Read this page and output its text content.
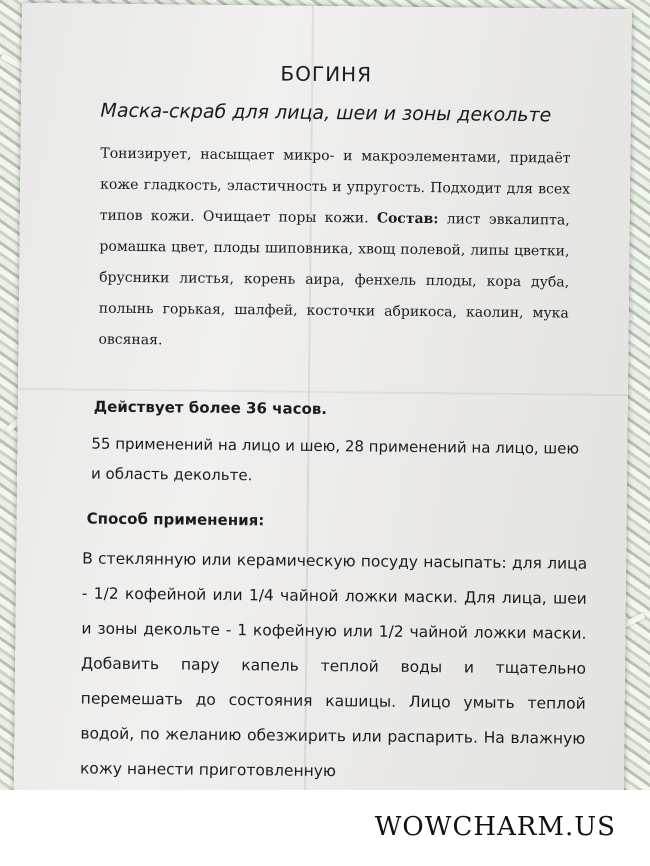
БОГИНЯ
Маска-скраб для лица, шеи и зоны декольте
Тонизирует, насыщает микро- и макроэлементами, придаёт коже гладкость, эластичность и упругость. Подходит для всех типов кожи. Очищает поры кожи. Состав: лист эвкалипта, ромашка цвет, плоды шиповника, хвощ полевой, липы цветки, брусники листья, корень аира, фенхель плоды, кора дуба, полынь горькая, шалфей, косточки абрикоса, каолин, мука овсяная.
Действует более 36 часов.
55 применений на лицо и шею, 28 применений на лицо, шею и область декольте.
Способ применения:
В стеклянную или керамическую посуду насыпать: для лица - 1/2 кофейной или 1/4 чайной ложки маски. Для лица, шеи и зоны декольте - 1 кофейную или 1/2 чайной ложки маски. Добавить пару капель теплой воды и тщательно перемешать до состояния кашицы. Лицо умыть теплой водой, по желанию обезжирить или распарить. На влажную кожу нанести приготовленную
WOWCHARM.US
